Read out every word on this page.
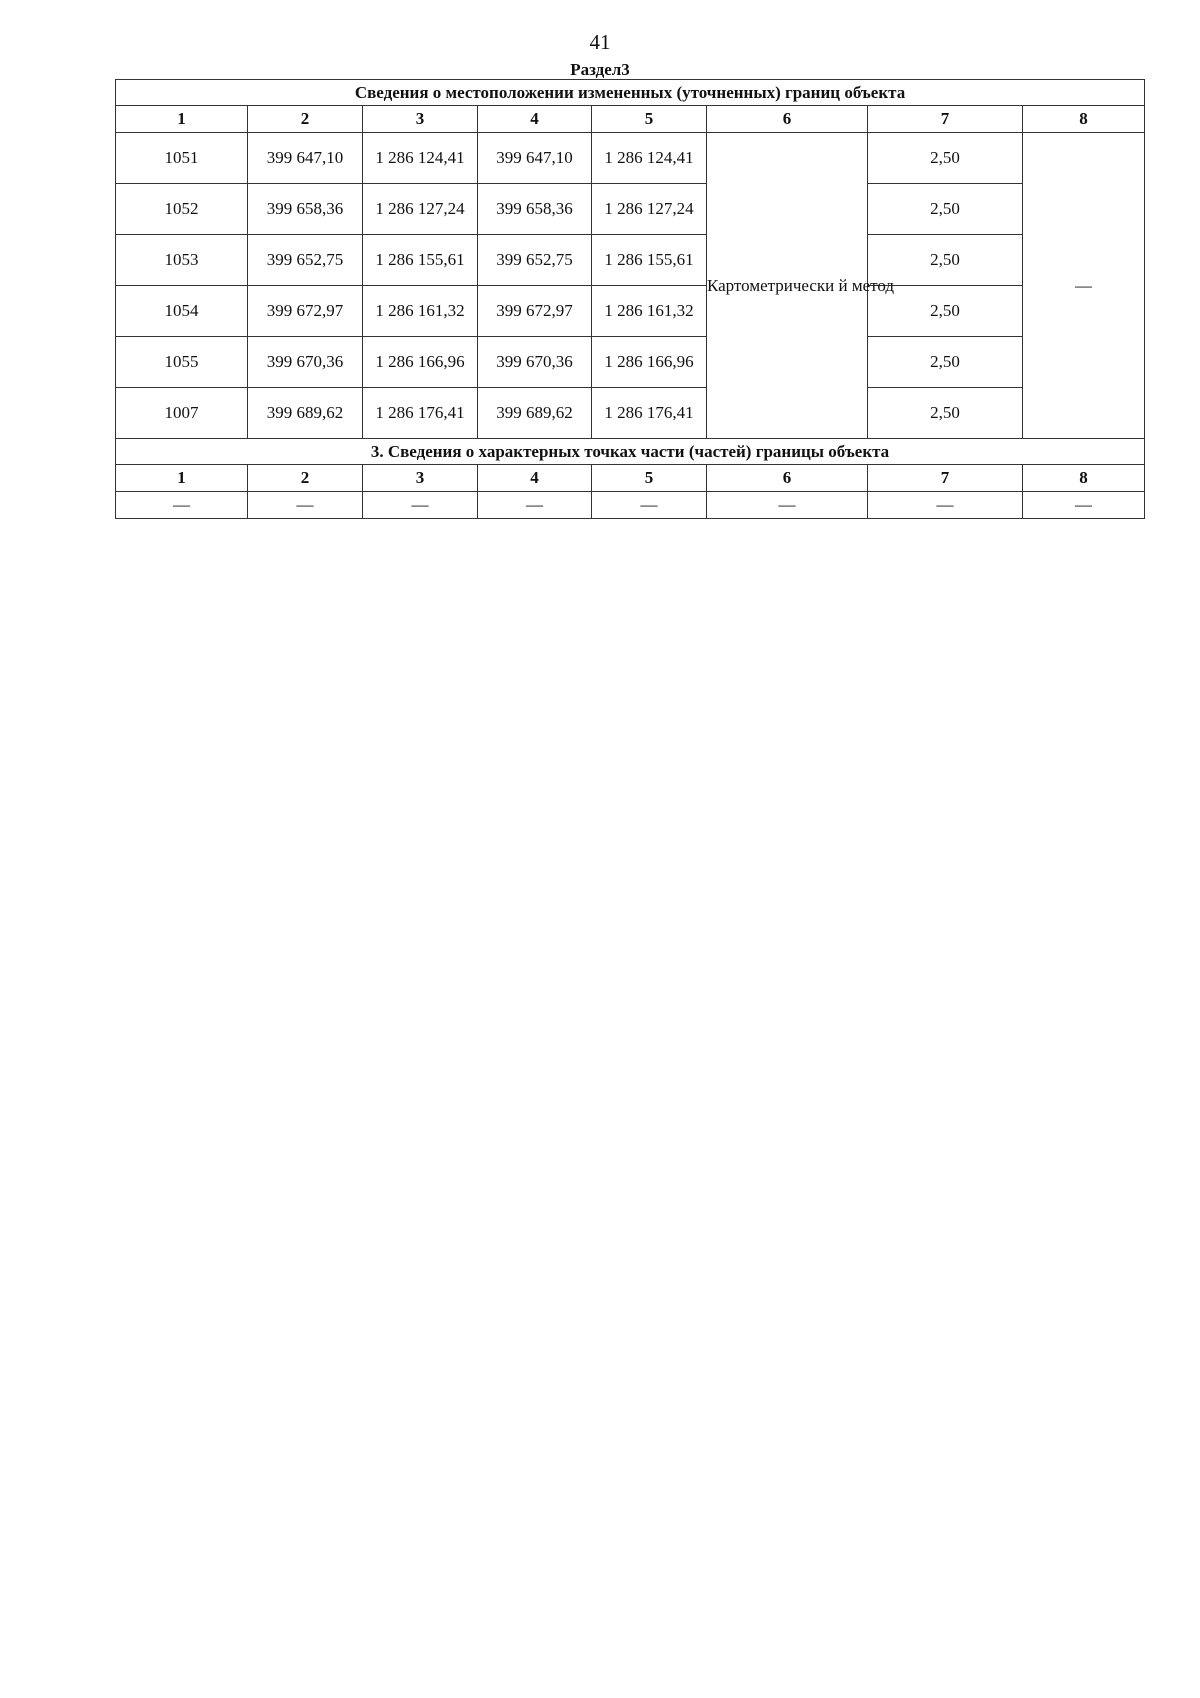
41
Раздел3
Сведения о местоположении измененных (уточненных) границ объекта							
1	2	3	4	5	6	7	8
1051	399 647,10	1 286 124,41	399 647,10	1 286 124,41	Картометрически й метод	2,50	—
1052	399 658,36	1 286 127,24	399 658,36	1 286 127,24		2,50	
1053	399 652,75	1 286 155,61	399 652,75	1 286 155,61		2,50	
1054	399 672,97	1 286 161,32	399 672,97	1 286 161,32		2,50	
1055	399 670,36	1 286 166,96	399 670,36	1 286 166,96		2,50	
1007	399 689,62	1 286 176,41	399 689,62	1 286 176,41		2,50	
3. Сведения о характерных точках части (частей) границы объекта							
1	2	3	4	5	6	7	8
—	—	—	—	—	—	—	—
